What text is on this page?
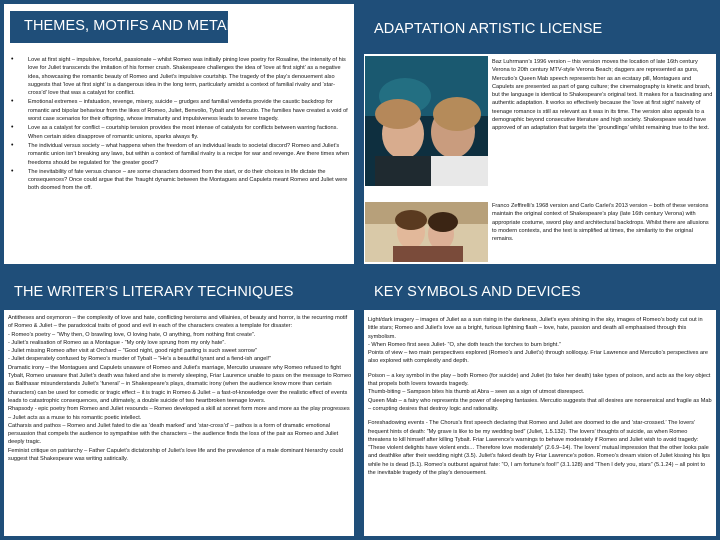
THEMES, MOTIFS AND METAPHORS
•	Love at first sight – impulsive, forceful, passionate – whilst Romeo was initially pining love poetry for Rosaline, the intensity of his love for Juliet transcends the imitation of his former crush. Shakespeare challenges the idea of ‘love at first sight’ as a negative idea, showcasing the romantic beauty of Romeo and Juliet’s impulsive courtship. The tragedy of the play’s denouement also suggests that ‘love at first sight’ is a dangerous idea in the long term, particularly amidst a context of familial rivalry and ‘star-cross’d’ love that was a catalyst for conflict.
•	Emotional extremes – infatuation, revenge, misery, suicide – grudges and familial vendetta provide the caustic backdrop for romantic and bipolar behaviour from the likes of Romeo, Juliet, Benvolio, Tybalt and Mercutio. The families have created a void of worst case scenarios for their offspring, whose immaturity and impulsiveness leads to severe tragedy.
•	Love as a catalyst for conflict – courtship tension provides the most intense of catalysts for conflicts between warring factions. When certain sides disapprove of romantic unions, sparks always fly.
•	The individual versus society – what happens when the freedom of an individual leads to societal discord? Romeo and Juliet’s romantic union isn’t breaking any laws, but within a context of familial rivalry is a recipe for war and revenge. Are there times when freedoms should be regulated for ‘the greater good’?
•	The inevitability of fate versus chance – are some characters doomed from the start, or do their choices in life dictate the consequences? Once could argue that the ‘fraught dynamic between the Montagues and Capulets meant Romeo and Juliet were both doomed from the off.
ADAPTATION ARTISTIC LICENSE

Baz Luhrmann’s 1996 version – this version moves the location of late 16th century Verona to 20th century MTV-style Verona Beach; daggers are represented as guns, Mercutio’s Queen Mab speech represents her as an ecstasy pill, Montagues and Capulets are presented as part of gang culture; the cinematography is kinetic and brash, but the language is identical to Shakespeare’s original text. It makes for a fascinating and authentic adaptation. It works so effectively because the ‘love at first sight’ naivety of teenage romance is still as relevant as it was in its time. The version also appeals to a demographic beyond consecutive literature and high society. Shakespeare would have approved of an adaptation that targets the ‘groundlings’ whilst remaining true to the text.

Franco Zeffirelli’s 1968 version and Carlo Carlei’s 2013 version – both of these versions maintain the original context of Shakespeare’s play (late 16th century Verona) with appropriate costume, sword play and architectural backdrops. Whilst there are allusions to modern contexts, and the text is simplified at times, the similarity to the original remains.

THE WRITER’S LITERARY TECHNIQUES

Antitheses and oxymoron – the complexity of love and hate, conflicting heroisms and villainies, of beauty and horror, is the recurring motif of Romeo & Juliet – the paradoxical traits of good and evil in each of the characters creates a template for disaster:

- Romeo’s poetry – “Why then, O brawling love, O loving hate, O anything, from nothing first create”.

- Juliet’s realisation of Romeo as a Montague - “My only love sprung from my only hate”.

- Juliet missing Romeo after visit at Orchard – “Good night, good night! parting is such sweet sorrow”

- Juliet desperately confused by Romeo’s murder of Tybalt – “He’s a beautiful tyrant and a fiend-ish angel!”

Dramatic irony – the Montagues and Capulets unaware of Romeo and Juliet’s marriage, Mercutio unaware why Romeo refused to fight Tybalt, Romeo unaware that Juliet’s death was faked and she is merely sleeping, Friar Laurence unable to pass on the message to Romeo as Balthasar misunderstands Juliet’s ‘funeral’ – in Shakespeare’s plays, dramatic irony (when the audience know more than certain characters) can be used for comedic or tragic effect – it is tragic in Romeo & Juliet – a fast-of-knowledge over the realistic effect of events leads to catastrophic consequences, and ultimately, a double suicide of two heartbroken teenage lovers.

Rhapsody - epic poetry from Romeo and Juliet resounds – Romeo developed a skill at sonnet form more and more as the play progresses – Juliet acts as a muse to his romantic poetic intellect.

Catharsis and pathos – Romeo and Juliet fated to die as ‘death marked’ and ‘star-cross’d’ – pathos is a form of dramatic emotional persuasion that compels the audience to sympathise with the characters – the audience finds the loss of the pair as Romeo and Juliet deeply tragic.

Feminist critique on patriarchy – Father Capulet’s dictatorship of Juliet’s love life and the prevalence of a male dominant hierarchy could suggest that Shakespeare was writing satirically.

KEY SYMBOLS AND DEVICES

Light/dark imagery – images of Juliet as a sun rising in the darkness, Juliet’s eyes shining in the sky, images of Romeo’s body cut out in little stars; Romeo and Juliet’s love as a bright, furious lightning flash – love, hate, passion and death all emphasised through this symbolism.
- When Romeo first sees Juliet- “O, she doth teach the torches to burn bright.”
Points of view – two main perspectives explored (Romeo’s and Juliet’s) through soliloquy. Friar Lawrence and Mercutio’s perspectives are also explored with complexity and depth.

Poison – a key symbol in the play – both Romeo (for suicide) and Juliet (to fake her death) take types of poison, and acts as the key object that propels both lovers towards tragedy.
Thumb-biting – Sampson bites his thumb at Abra – seen as a sign of utmost disrespect.
Queen Mab – a fairy who represents the power of sleeping fantasies. Mercutio suggests that all desires are nonsensical and fragile as Mab – corrupting desires that destroy logic and rationality.

Foreshadowing events - The Chorus’s first speech declaring that Romeo and Juliet are doomed to die and ‘star-crossed.’ The lovers’ frequent hints of death: “My grave is like to be my wedding bed” (Juliet, 1.5.132). The lovers’ thoughts of suicide, as when Romeo threatens to kill himself after killing Tybalt. Friar Lawrence’s warnings to behave moderately if Romeo and Juliet wish to avoid tragedy: “These violent delights have violent ends… Therefore love moderately” (2.6.9–14). The lovers’ mutual impression that the other looks pale and deathlike after their wedding night (3.5). Juliet’s faked death by Friar Lawrence’s potion. Romeo’s dream vision of Juliet kissing his lips while he is dead (5.1). Romeo’s outburst against fate: “O, I am fortune’s fool!” (3.1.128) and “Then I defy you, stars” (5.1.24) – all point to the inevitable tragedy of the play’s denouement.
